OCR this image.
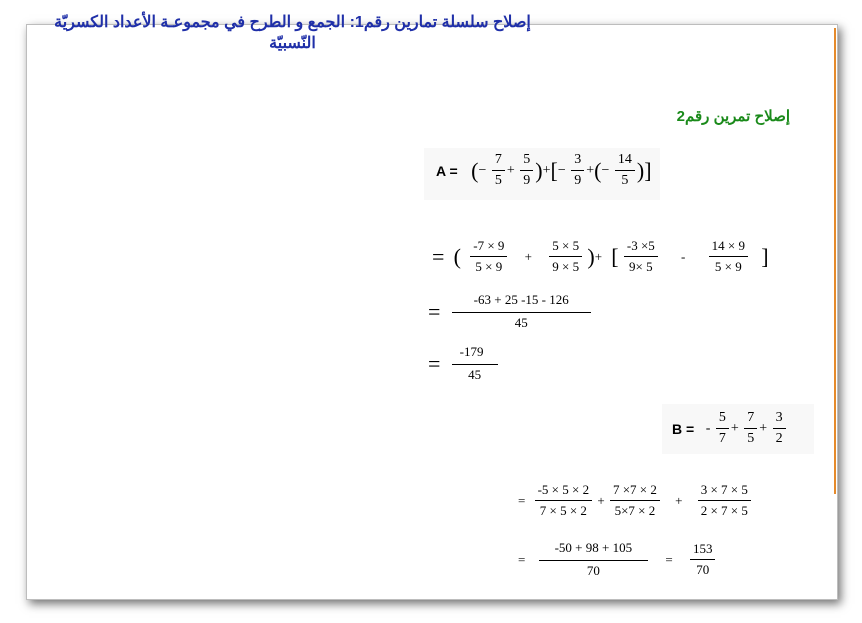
إصلاح سلسلة تمارين رقم1: الجمع و الطرح في مجموعـة الأعداد الكسريّة
النّسبيّة
إصلاح تمرين رقم2
A = (− $\frac{7}{5} + \frac{5}{9}$ )+[− $\frac{3}{9}$ +(− $\frac{14}{5}$ )]
= ( $\frac{-7 \times 9}{5 \times 9} + \frac{5 \times 5}{9 \times 5}$ )+ [ $\frac{-3 \times 5}{9\times 5} - \frac{14 \times 9}{5 \times 9}$ ]
= $\frac{-63 + 25 -15 - 126}{45}$
= $\frac{-179}{45}$
B = - $\frac{5}{7} + \frac{7}{5} + \frac{3}{2}$
= $\frac{-5 \times 5 \times 2}{7 \times 5 \times 2} + \frac{7 \times 7 \times 2}{5\times 7 \times 2} + \frac{3 \times 7 \times 5}{2 \times 7 \times 5}$
= $\frac{-50 + 98 + 105}{70} = \frac{153}{70}$
